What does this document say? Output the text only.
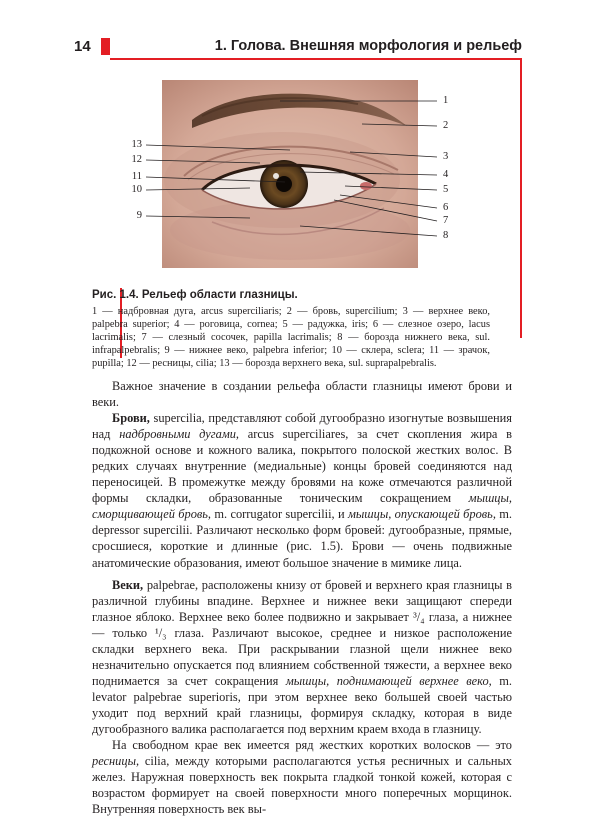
14	1. Голова. Внешняя морфология и рельеф
1
2
3
4
5
6
7
8
13
12
11
10
9
Рис. 1.4. Рельеф области глазницы.
1 — надбровная дуга, arcus superciliaris; 2 — бровь, supercilium; 3 — верхнее веко, palpebra superior; 4 — роговица, cornea; 5 — радужка, iris; 6 — слезное озеро, lacus lacrimalis; 7 — слезный сосочек, papilla lacrimalis; 8 — борозда нижнего века, sul. infrapalpebralis; 9 — нижнее веко, palpebra inferior; 10 — склера, sclera; 11 — зрачок, pupilla; 12 — ресницы, cilia; 13 — борозда верхнего века, sul. suprapalpebralis.

Важное значение в создании рельефа области глазницы имеют брови и веки.

Брови, supercilia, представляют собой дугообразно изогнутые возвышения над надбровными дугами, arcus superciliares, за счет скопления жира в подкожной основе и кожного валика, покрытого полоской жестких волос. В редких случаях внутренние (медиальные) концы бровей соединяются над переносицей. В промежутке между бровями на коже отмечаются различной формы складки, образованные тоническим сокращением мышцы, сморщивающей бровь, m. corrugator supercilii, и мышцы, опускающей бровь, m. depressor supercilii. Различают несколько форм бровей: дугообразные, прямые, сросшиеся, короткие и длинные (рис. 1.5). Брови — очень подвижные анатомические образования, имеют большое значение в мимике лица.

Веки, palpebrae, расположены книзу от бровей и верхнего края глазницы в различной глубины впадине. Верхнее и нижнее веки защищают спереди глазное яблоко. Верхнее веко более подвижно и закрывает ³/₄ глаза, а нижнее — только ¹/₃ глаза. Различают высокое, среднее и низкое расположение складки верхнего века. При раскрывании глазной щели нижнее веко незначительно опускается под влиянием собственной тяжести, а верхнее веко поднимается за счет сокращения мышцы, поднимающей верхнее веко, m. levator palpebrae superioris, при этом верхнее веко большей своей частью уходит под верхний край глазницы, формируя складку, которая в виде дугообразного валика располагается под верхним краем входа в глазницу.

На свободном крае век имеется ряд жестких коротких волосков — это ресницы, cilia, между которыми располагаются устья ресничных и сальных желез. Наружная поверхность век покрыта гладкой тонкой кожей, которая с возрастом формирует на своей поверхности много поперечных морщинок. Внутренняя поверхность век вы-
